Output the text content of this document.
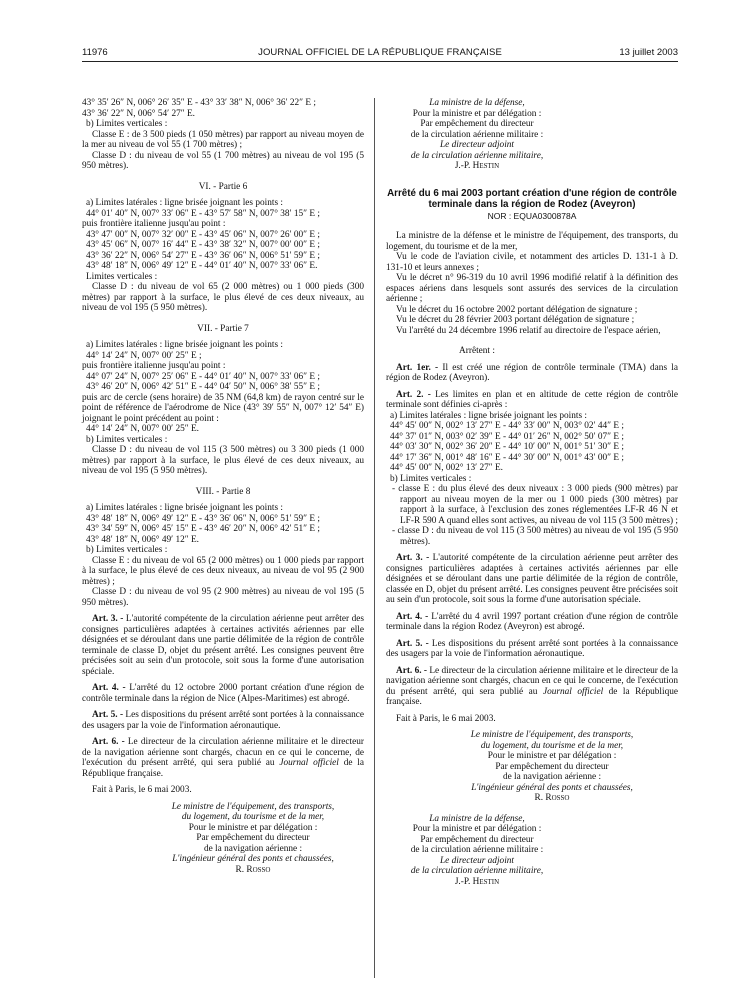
11976	JOURNAL OFFICIEL DE LA RÉPUBLIQUE FRANÇAISE	13 juillet 2003

43° 35′ 26″ N, 006° 26′ 35″ E - 43° 33′ 38″ N, 006° 36′ 22″ E ;

43° 36′ 22″ N, 006° 54′ 27″ E.

b) Limites verticales :

Classe E : de 3 500 pieds (1 050 mètres) par rapport au niveau moyen de la mer au niveau de vol 55 (1 700 mètres) ;

Classe D : du niveau de vol 55 (1 700 mètres) au niveau de vol 195 (5 950 mètres).

VI. - Partie 6

a) Limites latérales : ligne brisée joignant les points :

44° 01′ 40″ N, 007° 33′ 06″ E - 43° 57′ 58″ N, 007° 38′ 15″ E ;

puis frontière italienne jusqu'au point :

43° 47′ 00″ N, 007° 32′ 00″ E - 43° 45′ 06″ N, 007° 26′ 00″ E ;

43° 45′ 06″ N, 007° 16′ 44″ E - 43° 38′ 32″ N, 007° 00′ 00″ E ;

43° 36′ 22″ N, 006° 54′ 27″ E - 43° 36′ 06″ N, 006° 51′ 59″ E ;

43° 48′ 18″ N, 006° 49′ 12″ E - 44° 01′ 40″ N, 007° 33′ 06″ E.

Limites verticales :

Classe D : du niveau de vol 65 (2 000 mètres) ou 1 000 pieds (300 mètres) par rapport à la surface, le plus élevé de ces deux niveaux, au niveau de vol 195 (5 950 mètres).

VII. - Partie 7

a) Limites latérales : ligne brisée joignant les points :

44° 14′ 24″ N, 007° 00′ 25″ E ;

puis frontière italienne jusqu'au point :

44° 07′ 24″ N, 007° 25′ 06″ E - 44° 01′ 40″ N, 007° 33′ 06″ E ;

43° 46′ 20″ N, 006° 42′ 51″ E - 44° 04′ 50″ N, 006° 38′ 55″ E ;

puis arc de cercle (sens horaire) de 35 NM (64,8 km) de rayon centré sur le point de référence de l'aérodrome de Nice (43° 39′ 55″ N, 007° 12′ 54″ E) joignant le point précédent au point :

44° 14′ 24″ N, 007° 00′ 25″ E.

b) Limites verticales :

Classe D : du niveau de vol 115 (3 500 mètres) ou 3 300 pieds (1 000 mètres) par rapport à la surface, le plus élevé de ces deux niveaux, au niveau de vol 195 (5 950 mètres).

VIII. - Partie 8

a) Limites latérales : ligne brisée joignant les points :

43° 48′ 18″ N, 006° 49′ 12″ E - 43° 36′ 06″ N, 006° 51′ 59″ E ;

43° 34′ 59″ N, 006° 45′ 15″ E - 43° 46′ 20″ N, 006° 42′ 51″ E ;

43° 48′ 18″ N, 006° 49′ 12″ E.

b) Limites verticales :

Classe E : du niveau de vol 65 (2 000 mètres) ou 1 000 pieds par rapport à la surface, le plus élevé de ces deux niveaux, au niveau de vol 95 (2 900 mètres) ;

Classe D : du niveau de vol 95 (2 900 mètres) au niveau de vol 195 (5 950 mètres).

Art. 3. - L'autorité compétente de la circulation aérienne peut arrêter des consignes particulières adaptées à certaines activités aériennes par elle désignées et se déroulant dans une partie délimitée de la région de contrôle terminale de classe D, objet du présent arrêté. Les consignes peuvent être précisées soit au sein d'un protocole, soit sous la forme d'une autorisation spéciale.

Art. 4. - L'arrêté du 12 octobre 2000 portant création d'une région de contrôle terminale dans la région de Nice (Alpes-Maritimes) est abrogé.

Art. 5. - Les dispositions du présent arrêté sont portées à la connaissance des usagers par la voie de l'information aéronautique.

Art. 6. - Le directeur de la circulation aérienne militaire et le directeur de la navigation aérienne sont chargés, chacun en ce qui le concerne, de l'exécution du présent arrêté, qui sera publié au Journal officiel de la République française.

Fait à Paris, le 6 mai 2003.

Le ministre de l'équipement, des transports,

du logement, du tourisme et de la mer,

Pour le ministre et par délégation :

Par empêchement du directeur

de la navigation aérienne :

L'ingénieur général des ponts et chaussées,

R. Rosso

La ministre de la défense,

Pour la ministre et par délégation :

Par empêchement du directeur

de la circulation aérienne militaire :

Le directeur adjoint

de la circulation aérienne militaire,

J.-P. Hestin

Arrêté du 6 mai 2003 portant création d'une région de contrôle terminale dans la région de Rodez (Aveyron)

NOR : EQUA0300878A

La ministre de la défense et le ministre de l'équipement, des transports, du logement, du tourisme et de la mer,

Vu le code de l'aviation civile, et notamment des articles D. 131-1 à D. 131-10 et leurs annexes ;

Vu le décret n° 96-319 du 10 avril 1996 modifié relatif à la définition des espaces aériens dans lesquels sont assurés des services de la circulation aérienne ;

Vu le décret du 16 octobre 2002 portant délégation de signature ;

Vu le décret du 28 février 2003 portant délégation de signature ;

Vu l'arrêté du 24 décembre 1996 relatif au directoire de l'espace aérien,

Arrêtent :

Art. 1er. - Il est créé une région de contrôle terminale (TMA) dans la région de Rodez (Aveyron).

Art. 2. - Les limites en plan et en altitude de cette région de contrôle terminale sont définies ci-après :

a) Limites latérales : ligne brisée joignant les points :

44° 45′ 00″ N, 002° 13′ 27″ E - 44° 33′ 00″ N, 003° 02′ 44″ E ;

44° 37′ 01″ N, 003° 02′ 39″ E - 44° 01′ 26″ N, 002° 50′ 07″ E ;

44° 03′ 30″ N, 002° 36′ 20″ E - 44° 10′ 00″ N, 001° 51′ 30″ E ;

44° 17′ 36″ N, 001° 48′ 16″ E - 44° 30′ 00″ N, 001° 43′ 00″ E ;

44° 45′ 00″ N, 002° 13′ 27″ E.

b) Limites verticales :

- classe E : du plus élevé des deux niveaux : 3 000 pieds (900 mètres) par rapport au niveau moyen de la mer ou 1 000 pieds (300 mètres) par rapport à la surface, à l'exclusion des zones réglementées LF-R 46 N et LF-R 590 A quand elles sont actives, au niveau de vol 115 (3 500 mètres) ;

- classe D : du niveau de vol 115 (3 500 mètres) au niveau de vol 195 (5 950 mètres).

Art. 3. - L'autorité compétente de la circulation aérienne peut arrêter des consignes particulières adaptées à certaines activités aériennes par elle désignées et se déroulant dans une partie délimitée de la région de contrôle, classée en D, objet du présent arrêté. Les consignes peuvent être précisées soit au sein d'un protocole, soit sous la forme d'une autorisation spéciale.

Art. 4. - L'arrêté du 4 avril 1997 portant création d'une région de contrôle terminale dans la région Rodez (Aveyron) est abrogé.

Art. 5. - Les dispositions du présent arrêté sont portées à la connaissance des usagers par la voie de l'information aéronautique.

Art. 6. - Le directeur de la circulation aérienne militaire et le directeur de la navigation aérienne sont chargés, chacun en ce qui le concerne, de l'exécution du présent arrêté, qui sera publié au Journal officiel de la République française.

Fait à Paris, le 6 mai 2003.

Le ministre de l'équipement, des transports,

du logement, du tourisme et de la mer,

Pour le ministre et par délégation :

Par empêchement du directeur

de la navigation aérienne :

L'ingénieur général des ponts et chaussées,

R. Rosso

La ministre de la défense,

Pour la ministre et par délégation :

Par empêchement du directeur

de la circulation aérienne militaire :

Le directeur adjoint

de la circulation aérienne militaire,

J.-P. Hestin
